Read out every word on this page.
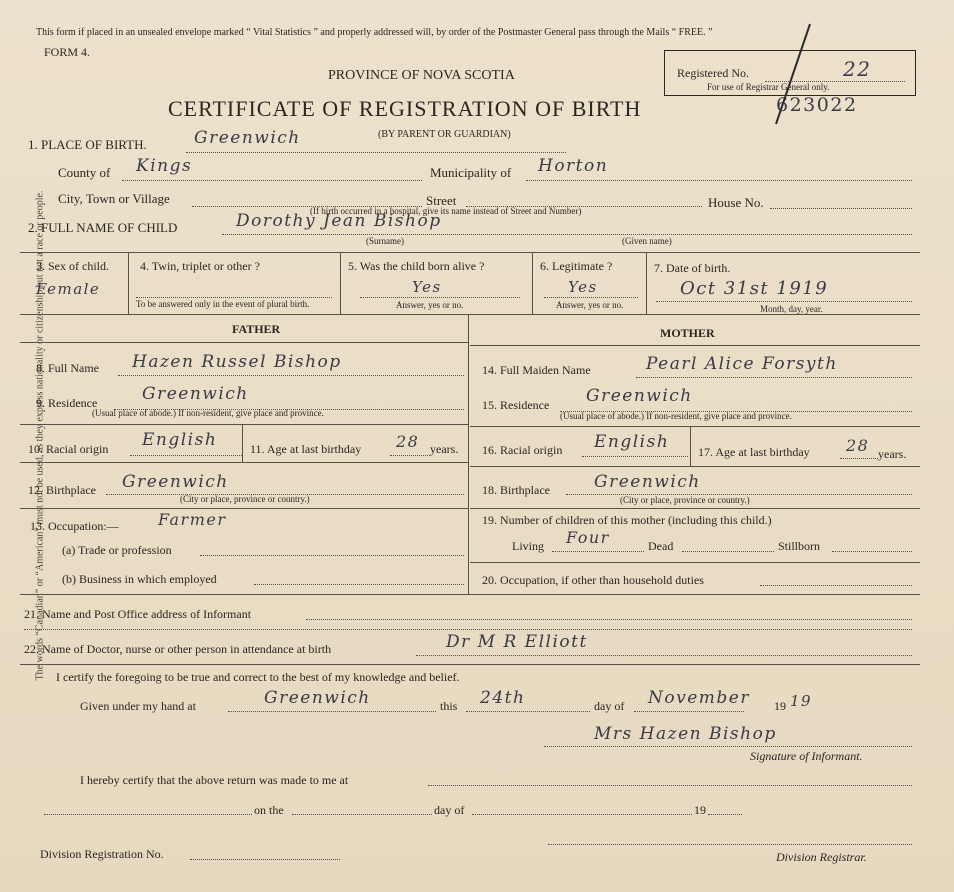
The words “Canadian” or “American” must not be used, as they express nationality or citizenship but not a race or people.
This form if placed in an unsealed envelope marked “ Vital Statistics ” and properly addressed will, by order of the Postmaster General pass through the Mails “ FREE. ”
FORM 4.
PROVINCE OF NOVA SCOTIA
CERTIFICATE OF REGISTRATION OF BIRTH	623022
(BY PARENT OR GUARDIAN)
Registered No.	22
For use of Registrar General only.
1. PLACE OF BIRTH.	Greenwich
County of Kings	Municipality of Horton
City, Town or Village	Street	House No.
(If birth occurred in a hospital, give its name instead of Street and Number)
2. FULL NAME OF CHILD	Dorothy Jean Bishop
(Surname)	(Given name)
3. Sex of child.
Female
4. Twin, triplet or other ?
To be answered only in the event of plural birth.
5. Was the child born alive ?
Yes
Answer, yes or no.
6. Legitimate ?
Yes
Answer, yes or no.
7. Date of birth.
Oct 31st 1919
Month, day, year.
FATHER	MOTHER
8. Full Name Hazen Russel Bishop
9. Residence	Greenwich
(Usual place of abode.) If non-resident, give place and province.
10. Racial origin English	11. Age at last birthday 28 years.
12. Birthplace Greenwich
(City or place, province or country.)
13. Occupation:— Farmer
(a) Trade or profession
(b) Business in which employed
14. Full Maiden Name	Pearl Alice Forsyth
15. Residence Greenwich
(Usual place of abode.) If non-resident, give place and province.
16. Racial origin English 17. Age at last birthday 28 years.
18. Birthplace	Greenwich
(City or place, province or country.)
19. Number of children of this mother (including this child.)
Living Four	Dead	Stillborn
20. Occupation, if other than household duties
21. Name and Post Office address of Informant
22. Name of Doctor, nurse or other person in attendance at birth	Dr M R Elliott
I certify the foregoing to be true and correct to the best of my knowledge and belief.
Given under my hand at	Greenwich	this 24th	day of November 19 19
Mrs Hazen Bishop
Signature of Informant.
I hereby certify that the above return was made to me at
on the	day of	19
Division Registration No.	Division Registrar.
